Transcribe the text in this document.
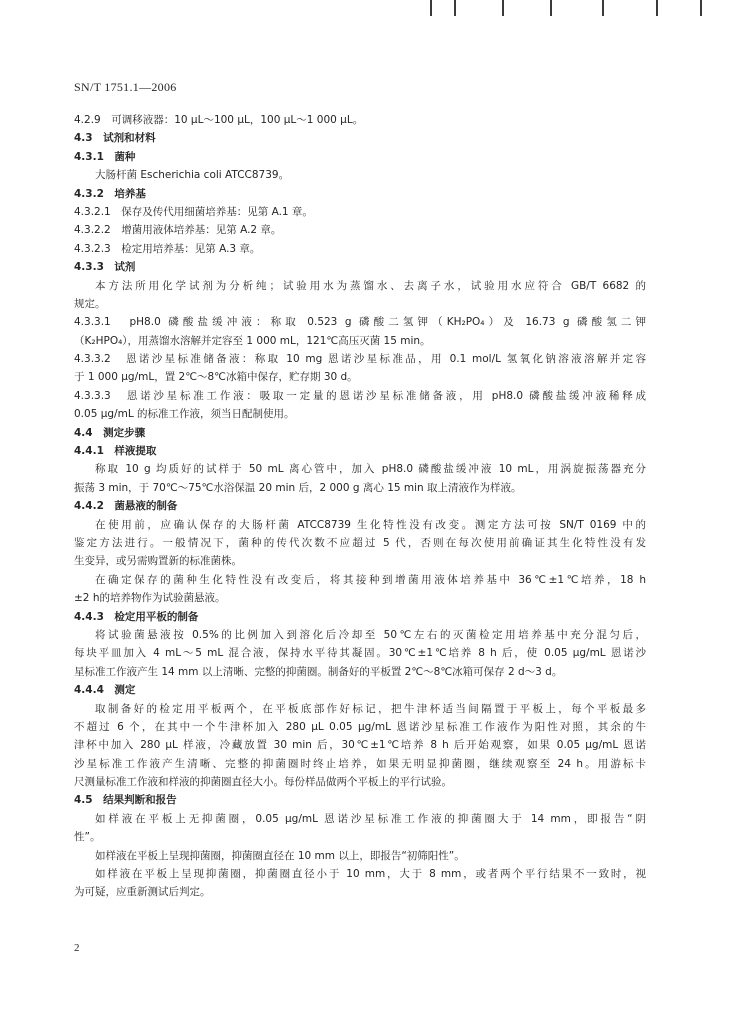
SN/T 1751.1—2006
4.2.9　可调移液器：10 μL～100 μL，100 μL～1 000 μL。
4.3　试剂和材料
4.3.1　菌种
大肠杆菌 Escherichia coli ATCC8739。
4.3.2　培养基
4.3.2.1　保存及传代用细菌培养基：见第 A.1 章。
4.3.2.2　增菌用液体培养基：见第 A.2 章。
4.3.2.3　检定用培养基：见第 A.3 章。
4.3.3　试剂
本方法所用化学试剂为分析纯；试验用水为蒸馏水、去离子水，试验用水应符合 GB/T 6682 的
规定。
4.3.3.1　pH8.0 磷酸盐缓冲液：称取 0.523 g 磷酸二氢钾（KH₂PO₄）及 16.73 g 磷酸氢二钾
（K₂HPO₄），用蒸馏水溶解并定容至 1 000 mL，121℃高压灭菌 15 min。
4.3.3.2　恩诺沙星标准储备液：称取 10 mg 恩诺沙星标准品，用 0.1 mol/L 氢氧化钠溶液溶解并定容
于 1 000 μg/mL，置 2℃～8℃冰箱中保存，贮存期 30 d。
4.3.3.3　恩诺沙星标准工作液：吸取一定量的恩诺沙星标准储备液，用 pH8.0 磷酸盐缓冲液稀释成
0.05 μg/mL 的标准工作液，须当日配制使用。
4.4　测定步骤
4.4.1　样液提取
称取 10 g 均质好的试样于 50 mL 离心管中，加入 pH8.0 磷酸盐缓冲液 10 mL，用涡旋振荡器充分
振荡 3 min，于 70℃～75℃水浴保温 20 min 后，2 000 g 离心 15 min 取上清液作为样液。
4.4.2　菌悬液的制备
在使用前，应确认保存的大肠杆菌 ATCC8739 生化特性没有改变。测定方法可按 SN/T 0169 中的
鉴定方法进行。一般情况下，菌种的传代次数不应超过 5 代，否则在每次使用前确证其生化特性没有发
生变异，或另需购置新的标准菌株。
在确定保存的菌种生化特性没有改变后，将其接种到增菌用液体培养基中 36℃±1℃培养，18 h
±2 h的培养物作为试验菌悬液。
4.4.3　检定用平板的制备
将试验菌悬液按 0.5%的比例加入到溶化后冷却至 50℃左右的灭菌检定用培养基中充分混匀后，
每块平皿加入 4 mL～5 mL 混合液，保持水平待其凝固。30℃±1℃培养 8 h 后，使 0.05 μg/mL 恩诺沙
星标准工作液产生 14 mm 以上清晰、完整的抑菌圈。制备好的平板置 2℃～8℃冰箱可保存 2 d～3 d。
4.4.4　测定
取制备好的检定用平板两个，在平板底部作好标记，把牛津杯适当间隔置于平板上，每个平板最多
不超过 6 个，在其中一个牛津杯加入 280 μL 0.05 μg/mL 恩诺沙星标准工作液作为阳性对照，其余的牛
津杯中加入 280 μL 样液，冷藏放置 30 min 后，30℃±1℃培养 8 h 后开始观察，如果 0.05 μg/mL 恩诺
沙星标准工作液产生清晰、完整的抑菌圈时终止培养，如果无明显抑菌圈，继续观察至 24 h。用游标卡
尺测量标准工作液和样液的抑菌圈直径大小。每份样品做两个平板上的平行试验。
4.5　结果判断和报告
如样液在平板上无抑菌圈，0.05 μg/mL 恩诺沙星标准工作液的抑菌圈大于 14 mm，即报告“阴
性”。
如样液在平板上呈现抑菌圈，抑菌圈直径在 10 mm 以上，即报告“初筛阳性”。
如样液在平板上呈现抑菌圈，抑菌圈直径小于 10 mm，大于 8 mm，或者两个平行结果不一致时，视
为可疑，应重新测试后判定。
2
